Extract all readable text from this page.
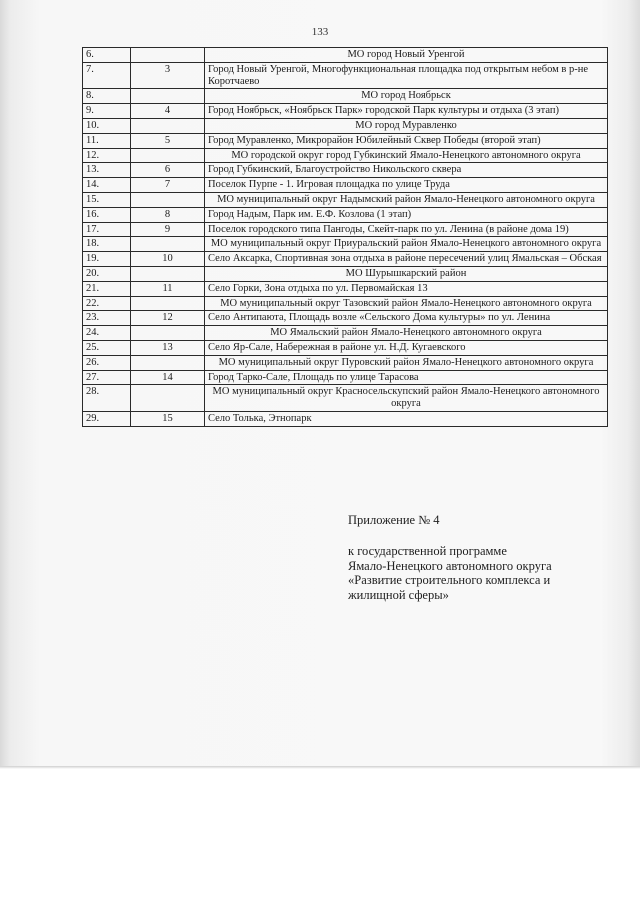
133
6.		МО город Новый Уренгой
7.	3	Город Новый Уренгой, Многофункциональная площадка под открытым небом в р-не Коротчаево
8.		МО город Ноябрьск
9.	4	Город Ноябрьск, «Ноябрьск Парк» городской Парк культуры и отдыха (3 этап)
10.		МО город Муравленко
11.	5	Город Муравленко, Микрорайон Юбилейный Сквер Победы (второй этап)
12.		МО городской округ город Губкинский Ямало-Ненецкого автономного округа
13.	6	Город Губкинский, Благоустройство Никольского сквера
14.	7	Поселок Пурпе - 1. Игровая площадка по улице Труда
15.		МО муниципальный округ Надымский район Ямало-Ненецкого автономного округа
16.	8	Город Надым, Парк им. Е.Ф. Козлова (1 этап)
17.	9	Поселок городского типа Пангоды, Скейт-парк по ул. Ленина (в районе дома 19)
18.		МО муниципальный округ Приуральский район Ямало-Ненецкого автономного округа
19.	10	Село Аксарка, Спортивная зона отдыха в районе пересечений улиц Ямальская – Обская
20.		МО Шурышкарский район
21.	11	Село Горки, Зона отдыха по ул. Первомайская 13
22.		МО муниципальный округ Тазовский район Ямало-Ненецкого автономного округа
23.	12	Село Антипаюта, Площадь возле «Сельского Дома культуры» по ул. Ленина
24.		МО Ямальский район Ямало-Ненецкого автономного округа
25.	13	Село Яр-Сале, Набережная в районе ул. Н.Д. Кугаевского
26.		МО муниципальный округ Пуровский район Ямало-Ненецкого автономного округа
27.	14	Город Тарко-Сале, Площадь по улице Тарасова
28.		МО муниципальный округ Красносельскупский район Ямало-Ненецкого автономного округа
29.	15	Село Толька, Этнопарк
Приложение № 4
к государственной программе
Ямало-Ненецкого автономного округа
«Развитие строительного комплекса и
жилищной сферы»
